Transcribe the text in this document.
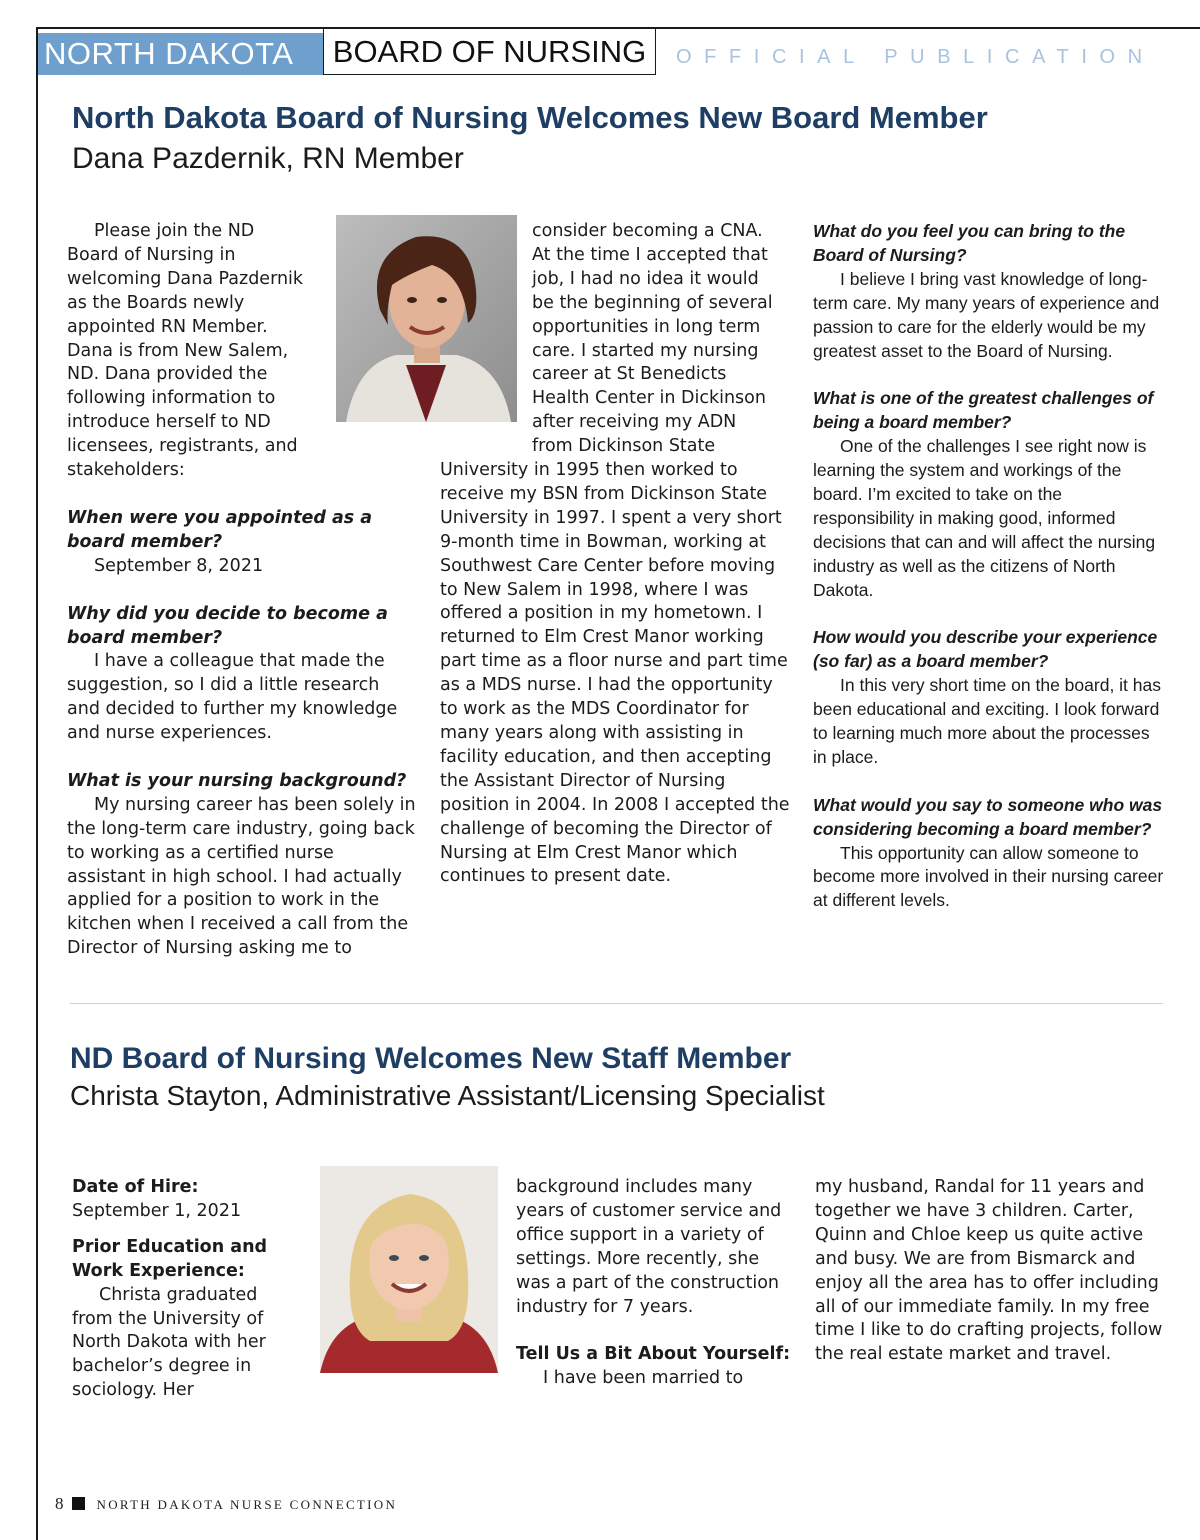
NORTH DAKOTA	BOARD OF NURSING	OFFICIAL PUBLICATION
North Dakota Board of Nursing Welcomes New Board Member
Dana Pazdernik, RN Member

Please join the ND

Board of Nursing in

welcoming Dana Pazdernik

as the Boards newly

appointed RN Member.

Dana is from New Salem,

ND. Dana provided the

following information to

introduce herself to ND

licensees, registrants, and

stakeholders:

When were you appointed as a board member?

September 8, 2021

Why did you decide to become a board member?

I have a colleague that made the suggestion, so I did a little research and decided to further my knowledge and nurse experiences.

What is your nursing background?

My nursing career has been solely in the long-term care industry, going back to working as a certified nurse assistant in high school. I had actually applied for a position to work in the kitchen when I received a call from the Director of Nursing asking me to

consider becoming a CNA.

At the time I accepted that

job, I had no idea it would

be the beginning of several

opportunities in long term

care. I started my nursing

career at St Benedicts

Health Center in Dickinson

after receiving my ADN

from Dickinson State

University in 1995 then worked to receive my BSN from Dickinson State University in 1997. I spent a very short 9-month time in Bowman, working at Southwest Care Center before moving to New Salem in 1998, where I was offered a position in my hometown. I returned to Elm Crest Manor working part time as a floor nurse and part time as a MDS nurse. I had the opportunity to work as the MDS Coordinator for many years along with assisting in facility education, and then accepting the Assistant Director of Nursing position in 2004. In 2008 I accepted the challenge of becoming the Director of Nursing at Elm Crest Manor which continues to present date.

What do you feel you can bring to the Board of Nursing?

I believe I bring vast knowledge of long-term care. My many years of experience and passion to care for the elderly would be my greatest asset to the Board of Nursing.

What is one of the greatest challenges of being a board member?

One of the challenges I see right now is learning the system and workings of the board. I’m excited to take on the responsibility in making good, informed decisions that can and will affect the nursing industry as well as the citizens of North Dakota.

How would you describe your experience (so far) as a board member?

In this very short time on the board, it has been educational and exciting. I look forward to learning much more about the processes in place.

What would you say to someone who was considering becoming a board member?

This opportunity can allow someone to become more involved in their nursing career at different levels.

ND Board of Nursing Welcomes New Staff Member
Christa Stayton, Administrative Assistant/Licensing Specialist

Date of Hire:

September 1, 2021

Prior Education and Work Experience:

Christa graduated from the University of North Dakota with her bachelor’s degree in sociology. Her

background includes many years of customer service and office support in a variety of settings. More recently, she was a part of the construction industry for 7 years.

Tell Us a Bit About Yourself:

I have been married to

my husband, Randal for 11 years and together we have 3 children. Carter, Quinn and Chloe keep us quite active and busy. We are from Bismarck and enjoy all the area has to offer including all of our immediate family. In my free time I like to do crafting projects, follow the real estate market and travel.

8	NORTH DAKOTA NURSE CONNECTION
